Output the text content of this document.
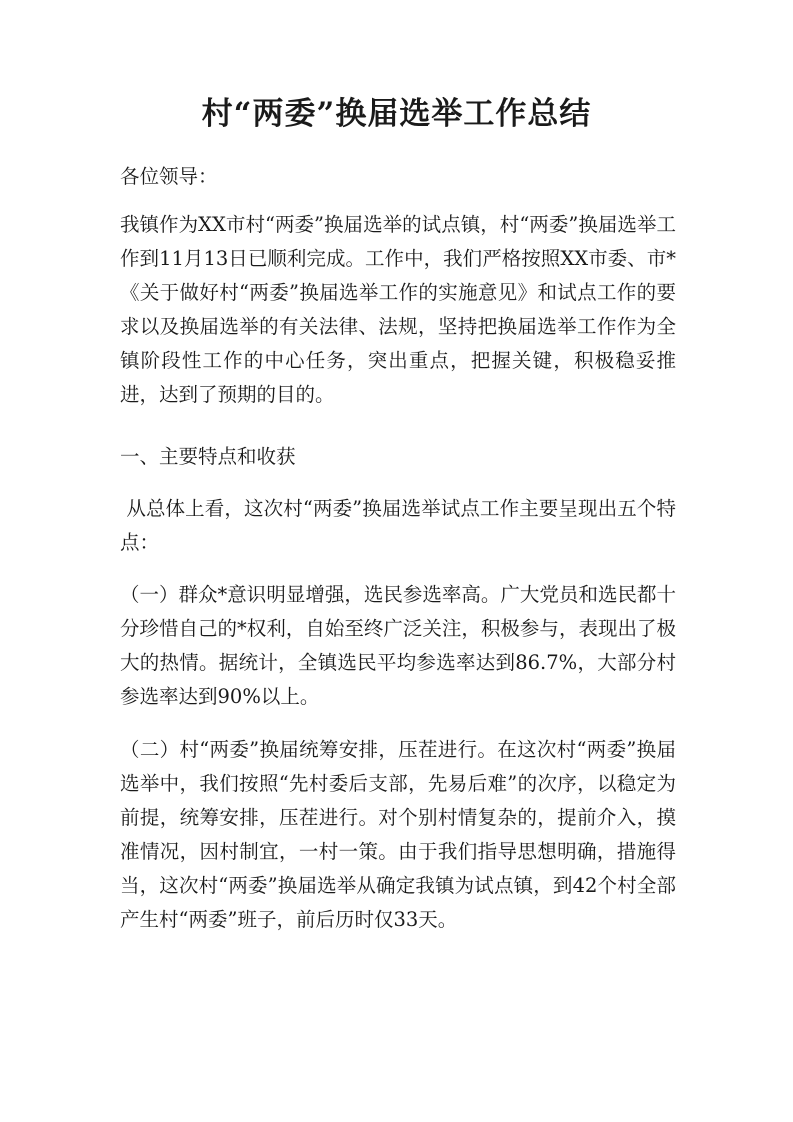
村“两委”换届选举工作总结

各位领导：

我镇作为XX市村“两委”换届选举的试点镇，村“两委”换届选举工作到11月13日已顺利完成。工作中，我们严格按照XX市委、市*《关于做好村“两委”换届选举工作的实施意见》和试点工作的要求以及换届选举的有关法律、法规，坚持把换届选举工作作为全镇阶段性工作的中心任务，突出重点，把握关键，积极稳妥推进，达到了预期的目的。

一、主要特点和收获

从总体上看，这次村“两委”换届选举试点工作主要呈现出五个特点：

（一）群众*意识明显增强，选民参选率高。广大党员和选民都十分珍惜自己的*权利，自始至终广泛关注，积极参与，表现出了极大的热情。据统计，全镇选民平均参选率达到86.7%，大部分村参选率达到90%以上。

（二）村“两委”换届统筹安排，压茬进行。在这次村“两委”换届选举中，我们按照“先村委后支部，先易后难”的次序，以稳定为前提，统筹安排，压茬进行。对个别村情复杂的，提前介入，摸准情况，因村制宜，一村一策。由于我们指导思想明确，措施得当，这次村“两委”换届选举从确定我镇为试点镇，到42个村全部产生村“两委”班子，前后历时仅33天。
